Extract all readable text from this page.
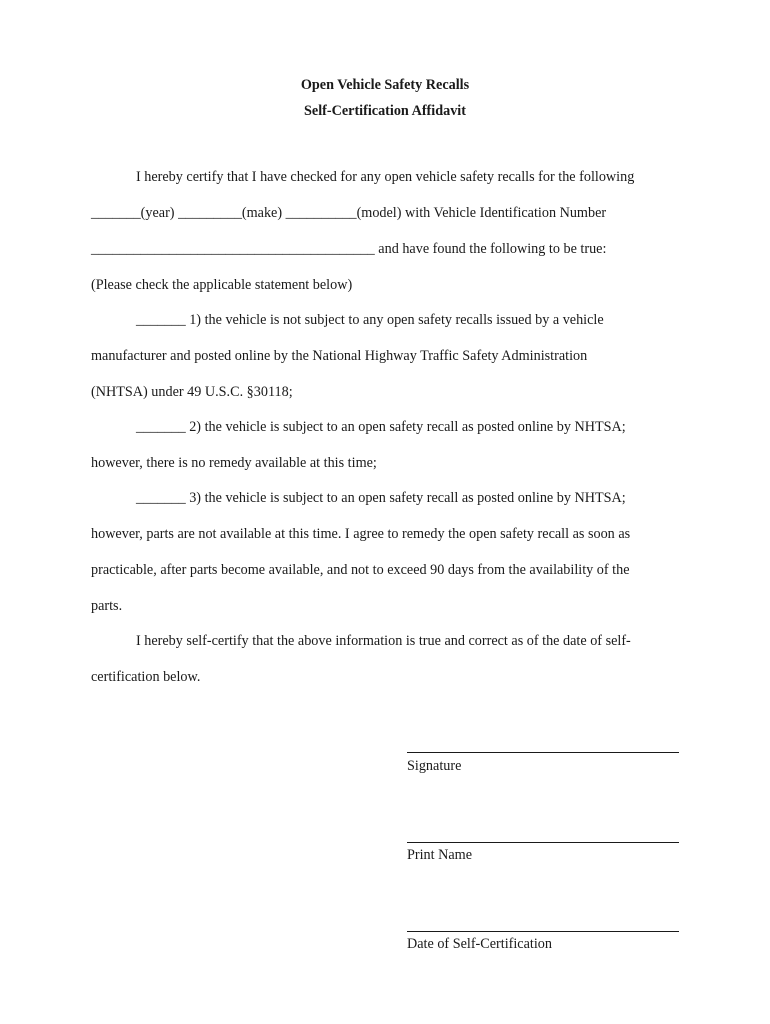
Open Vehicle Safety Recalls
Self-Certification Affidavit
I hereby certify that I have checked for any open vehicle safety recalls for the following
_______(year) _________(make) __________(model) with Vehicle Identification Number
________________________________________ and have found the following to be true:
(Please check the applicable statement below)
_______ 1) the vehicle is not subject to any open safety recalls issued by a vehicle
manufacturer and posted online by the National Highway Traffic Safety Administration
(NHTSA) under 49 U.S.C. §30118;
_______ 2) the vehicle is subject to an open safety recall as posted online by NHTSA;
however, there is no remedy available at this time;
_______ 3) the vehicle is subject to an open safety recall as posted online by NHTSA;
however, parts are not available at this time. I agree to remedy the open safety recall as soon as
practicable, after parts become available, and not to exceed 90 days from the availability of the
parts.
I hereby self-certify that the above information is true and correct as of the date of self-
certification below.
Signature
Print Name
Date of Self-Certification
